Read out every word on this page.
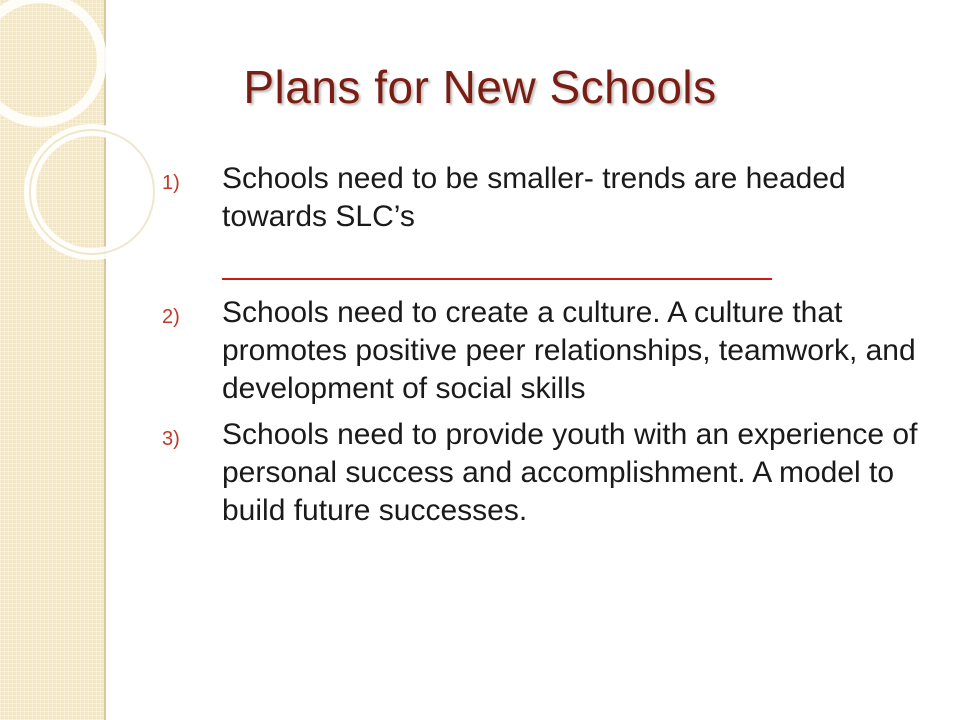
Plans for New Schools
1) Schools need to be smaller- trends are headed towards SLC’s
2) Schools need to create a culture. A culture that promotes positive peer relationships, teamwork, and development of social skills
3) Schools need to provide youth with an experience of personal success and accomplishment. A model to build future successes.
